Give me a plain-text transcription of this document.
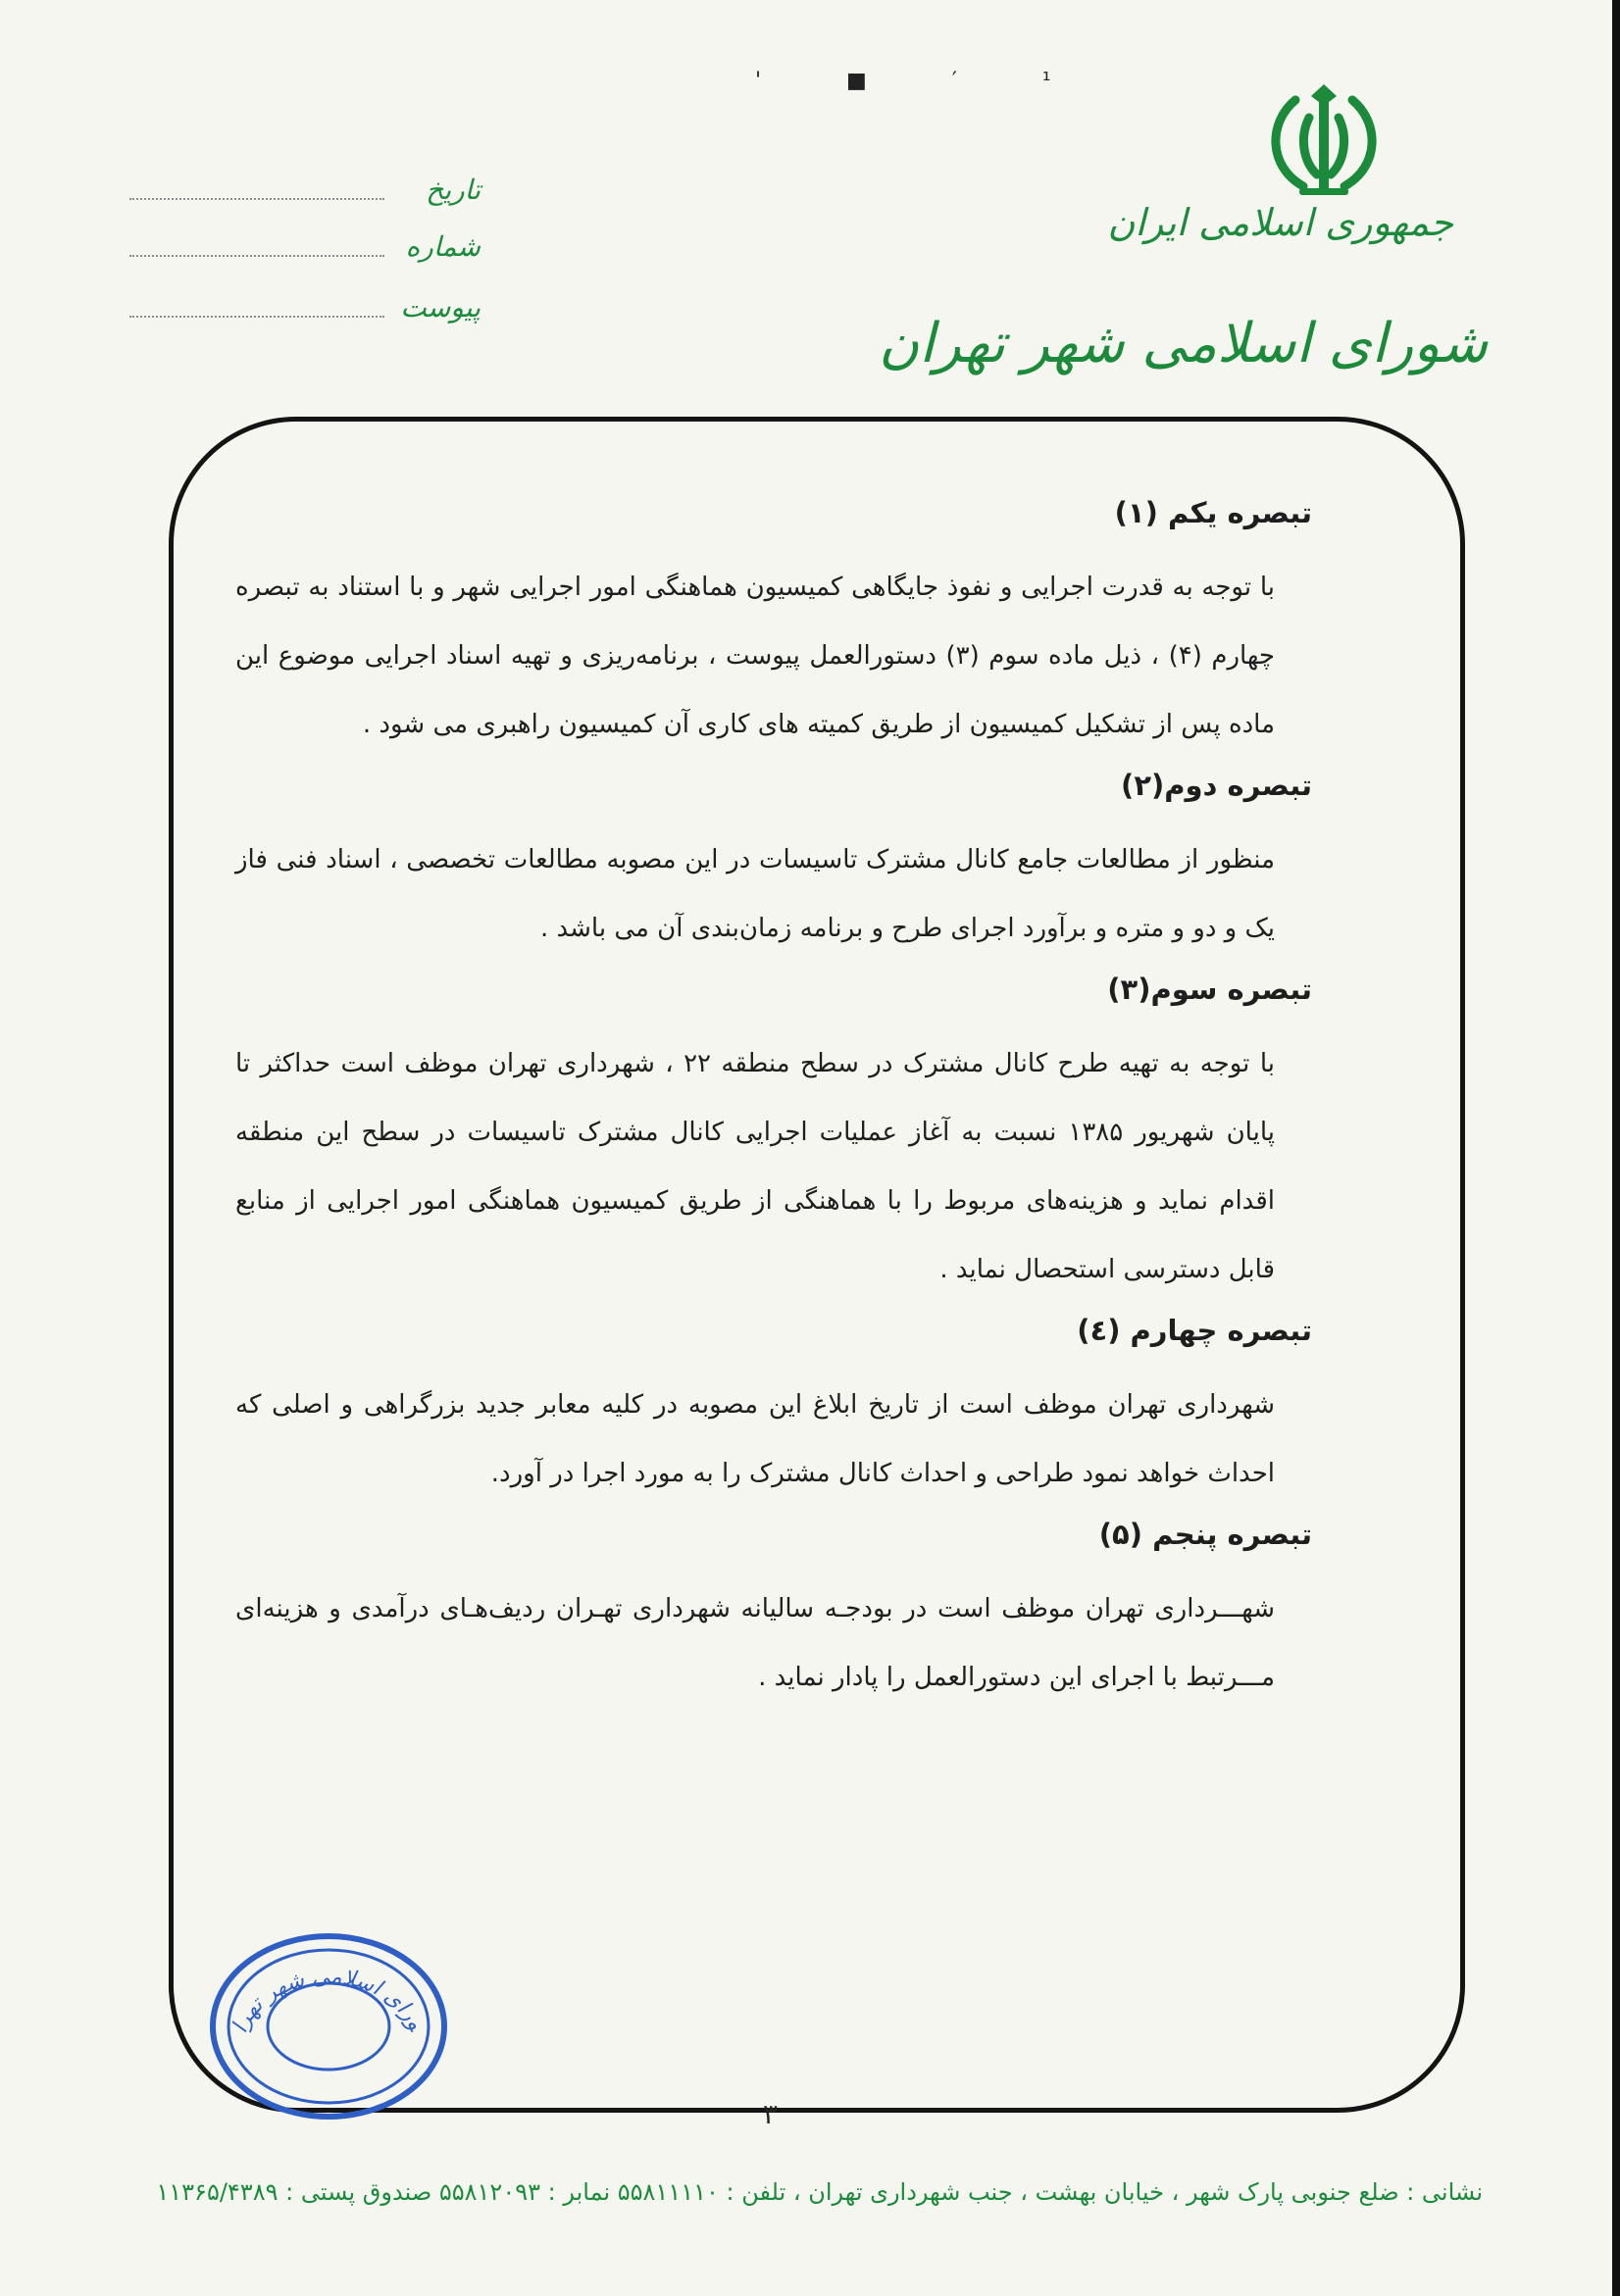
' ■ ′ ¹
جمهوری اسلامی ایران
شورای اسلامی شهر تهران
تاریخ
شماره
پیوست
تبصره یکم (۱)
با توجه به قدرت اجرایی و نفوذ جایگاهی کمیسیون هماهنگی امور اجرایی شهر و با استناد به تبصره چهارم (۴) ، ذیل ماده سوم (۳) دستورالعمل پیوست ، برنامه‌ریزی و تهیه اسناد اجرایی موضوع این ماده پس از تشکیل کمیسیون از طریق کمیته های کاری آن کمیسیون راهبری می شود .
تبصره دوم(۲)
منظور از مطالعات جامع کانال مشترک تاسیسات در این مصوبه مطالعات تخصصی ، اسناد فنی فاز یک و دو و متره و برآورد اجرای طرح و برنامه زمان‌بندی آن می باشد .
تبصره سوم(۳)
با توجه به تهیه طرح کانال مشترک در سطح منطقه ۲۲ ، شهرداری تهران موظف است حداکثر تا پایان شهریور ۱۳۸۵ نسبت به آغاز عملیات اجرایی کانال مشترک تاسیسات در سطح این منطقه اقدام نماید و هزینه‌های مربوط را با هماهنگی از طریق کمیسیون هماهنگی امور اجرایی از منابع قابل دسترسی استحصال نماید .
تبصره چهارم (٤)
شهرداری تهران موظف است از تاریخ ابلاغ این مصوبه در کلیه معابر جدید بزرگراهی و اصلی که احداث خواهد نمود طراحی و احداث کانال مشترک را به مورد اجرا در آورد.
تبصره پنجم (۵)
شهـــرداری تهران موظف است در بودجـه سالیانه شهرداری تهـران ردیف‌هـای درآمدی و هزینه‌ای مـــرتبط با اجرای این دستورالعمل را پادار نماید .
۳
ورای اسلامی شهر تهرا
نشانی : ضلع جنوبی پارک شهر ، خیابان بهشت ، جنب شهرداری تهران ، تلفن : ۵۵۸۱۱۱۱۰ نمابر : ۵۵۸۱۲۰۹۳ صندوق پستی : ۱۱۳۶۵/۴۳۸۹
